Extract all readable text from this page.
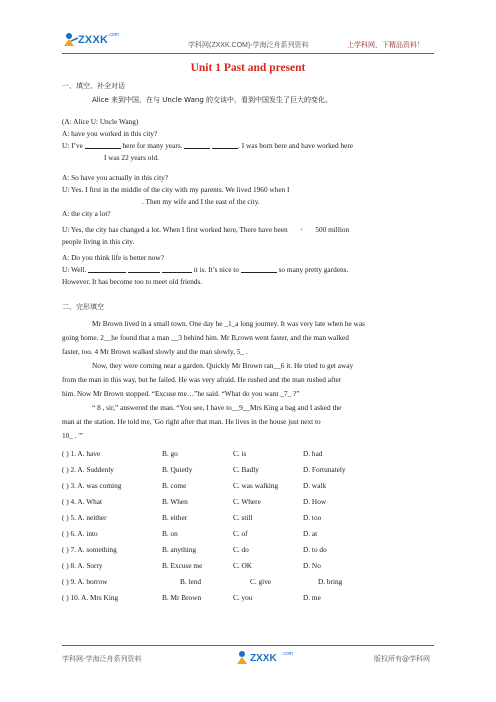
ZXXK .com
学科网(ZXXK.COM)-学海泛舟系列资料	上学科网，下精品资料！
Unit 1 Past and present
一、填空、补全对话
Alice 来到中国，在与 Uncle Wang 的交谈中，看到中国发生了巨大的变化。
(A: Alice U: Uncle Wang)
A: have you worked in this city?
U: I’ve	here for many years.	. I was born here and have worked here
I was 22 years old.
A: So have you actually in this city?
U: Yes. I first in the middle of the city with my parents. We lived 1960 when I
. Then my wife and I the east of the city.
A: the city a lot?
U: Yes, the city has changed a lot. When I first worked here, There have been • 500 million
people living in this city.
A: Do you think life is better now?
U: Well.	it is. It’s nice to	so many pretty gardens.
However. It has become too to meet old friends.
二、完形填空
Mr Brown lived in a small town. One day he _1_a long journey. It was very late when he was
going home. 2__he found that a man __3 behind him. Mr B,rown went faster, and the man walked
faster, too. 4 Mr Brown walked slowly and the man slowly, 5_ .
Now, they were coming near a garden. Quickly Mr Brown ran__6 it. He tried to get away
from the man in this way, but he failed. He was very afraid. He rushed and the man rushed after
him. Now Mr Brown stopped. “Excuse me…”he said. “What do you want _7_ ?”
“ 8 , sir,” answered the man. “You see, I have to__9__Mrs King a bag and I asked the
man at the station. He told me, 'Go right after that man. He lives in the house just next to
10_ . '”
( ) 1. A. have	B. go	C. is	D. had
( ) 2. A. Suddenly	B. Quietly	C. Badly	D. Fortunately
( ) 3. A. was coming	B. come	C. was walking	D. walk
( ) 4. A. What	B. When	C. Where	D. How
( ) 5. A. neither	B. either	C. still	D. too
( ) 6. A. into	B. on	C. of	D. at
( ) 7. A. something	B. anything	C. do	D. to do
( ) 8. A. Sorry	B. Excuse me	C. OK	D. No
( ) 9. A. borrow	B. lend	C. give	D. bring
( ) 10. A. Mrs King	B. Mr Brown	C. you	D. me
学科网-学海泛舟系列资料	ZXXK .com
版权所有@学科网
